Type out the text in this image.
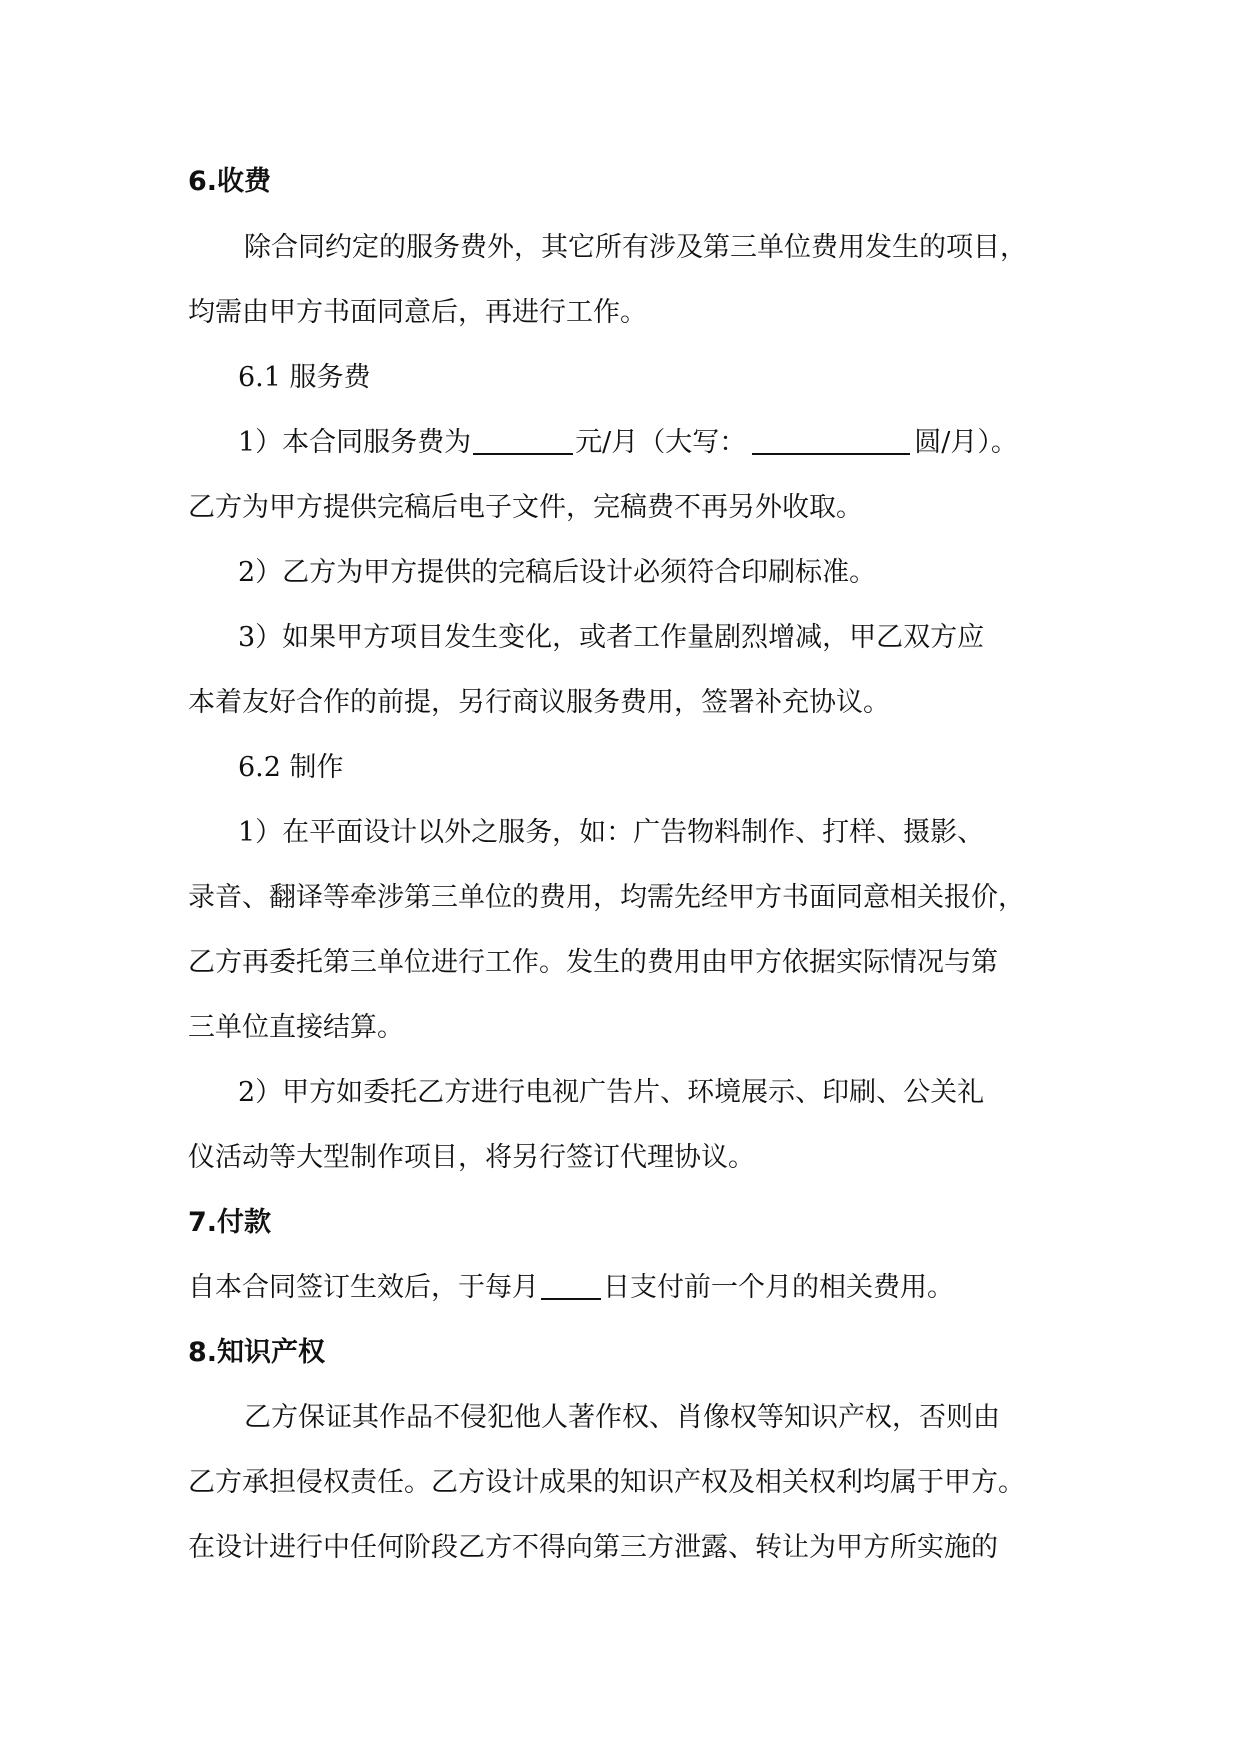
6.收费

除合同约定的服务费外，其它所有涉及第三单位费用发生的项目，

均需由甲方书面同意后，再进行工作。

6.1 服务费

1）本合同服务费为	元/月（大写：	圆/月）。

乙方为甲方提供完稿后电子文件，完稿费不再另外收取。

2）乙方为甲方提供的完稿后设计必须符合印刷标准。

3）如果甲方项目发生变化，或者工作量剧烈增减，甲乙双方应

本着友好合作的前提，另行商议服务费用，签署补充协议。

6.2 制作

1）在平面设计以外之服务，如：广告物料制作、打样、摄影、

录音、翻译等牵涉第三单位的费用，均需先经甲方书面同意相关报价，

乙方再委托第三单位进行工作。发生的费用由甲方依据实际情况与第

三单位直接结算。

2）甲方如委托乙方进行电视广告片、环境展示、印刷、公关礼

仪活动等大型制作项目，将另行签订代理协议。

7.付款

自本合同签订生效后，于每月 日支付前一个月的相关费用。

8.知识产权

乙方保证其作品不侵犯他人著作权、肖像权等知识产权，否则由

乙方承担侵权责任。乙方设计成果的知识产权及相关权利均属于甲方。

在设计进行中任何阶段乙方不得向第三方泄露、转让为甲方所实施的
